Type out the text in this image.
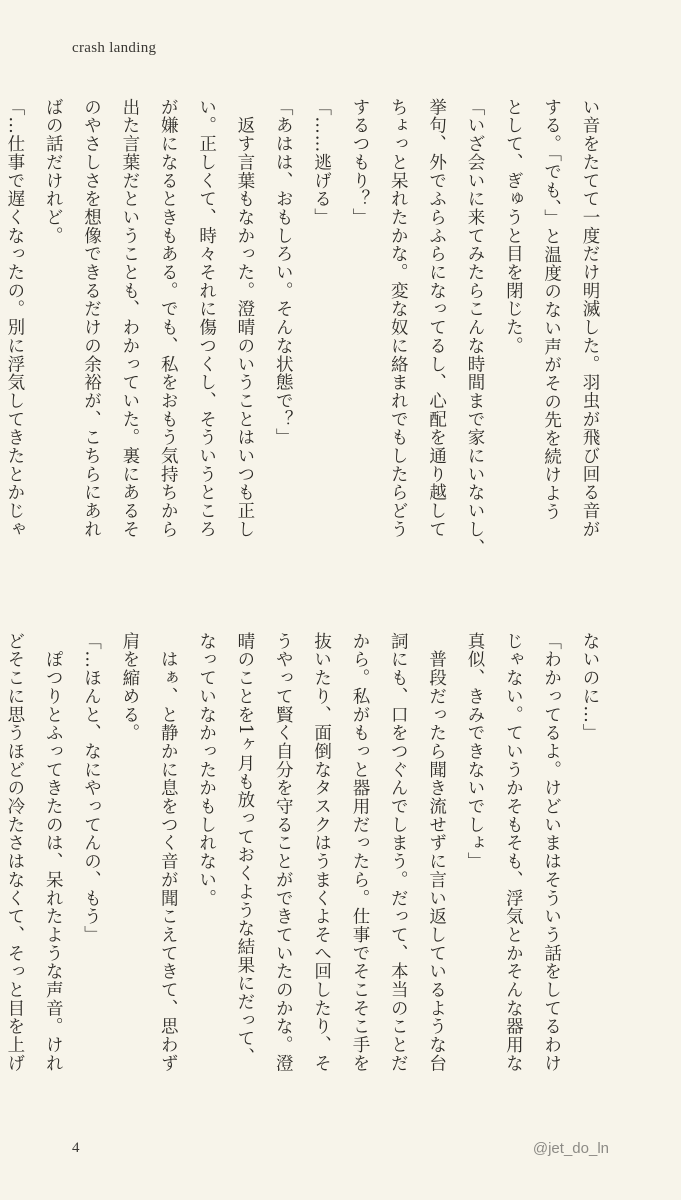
crash landing
い音をたてて一度だけ明滅した。羽虫が飛び回る音が
する。「でも、」と温度のない声がその先を続けよう
として、ぎゅうと目を閉じた。
「いざ会いに来てみたらこんな時間まで家にいないし、
挙句、外でふらふらになってるし、心配を通り越して
ちょっと呆れたかな。変な奴に絡まれでもしたらどう
するつもり？」
「……逃げる」
「あはは、おもしろい。そんな状態で？」
　返す言葉もなかった。澄晴のいうことはいつも正し
い。正しくて、時々それに傷つくし、そういうところ
が嫌になるときもある。でも、私をおもう気持ちから
出た言葉だということも、わかっていた。裏にあるそ
のやさしさを想像できるだけの余裕が、こちらにあれ
ばの話だけれど。
「…仕事で遅くなったの。別に浮気してきたとかじゃ
ないのに…」
「わかってるよ。けどいまはそういう話をしてるわけ
じゃない。ていうかそもそも、浮気とかそんな器用な
真似、きみできないでしょ」
　普段だったら聞き流せずに言い返しているような台
詞にも、口をつぐんでしまう。だって、本当のことだ
から。私がもっと器用だったら。仕事でそこそこ手を
抜いたり、面倒なタスクはうまくよそへ回したり、そ
うやって賢く自分を守ることができていたのかな。澄
晴のことを1ヶ月も放っておくような結果にだって、
なっていなかったかもしれない。
　はぁ、と静かに息をつく音が聞こえてきて、思わず
肩を縮める。
「…ほんと、なにやってんの、もう」
　ぽつりとふってきたのは、呆れたような声音。けれ
どそこに思うほどの冷たさはなくて、そっと目を上げ
4	@jet_do_ln
